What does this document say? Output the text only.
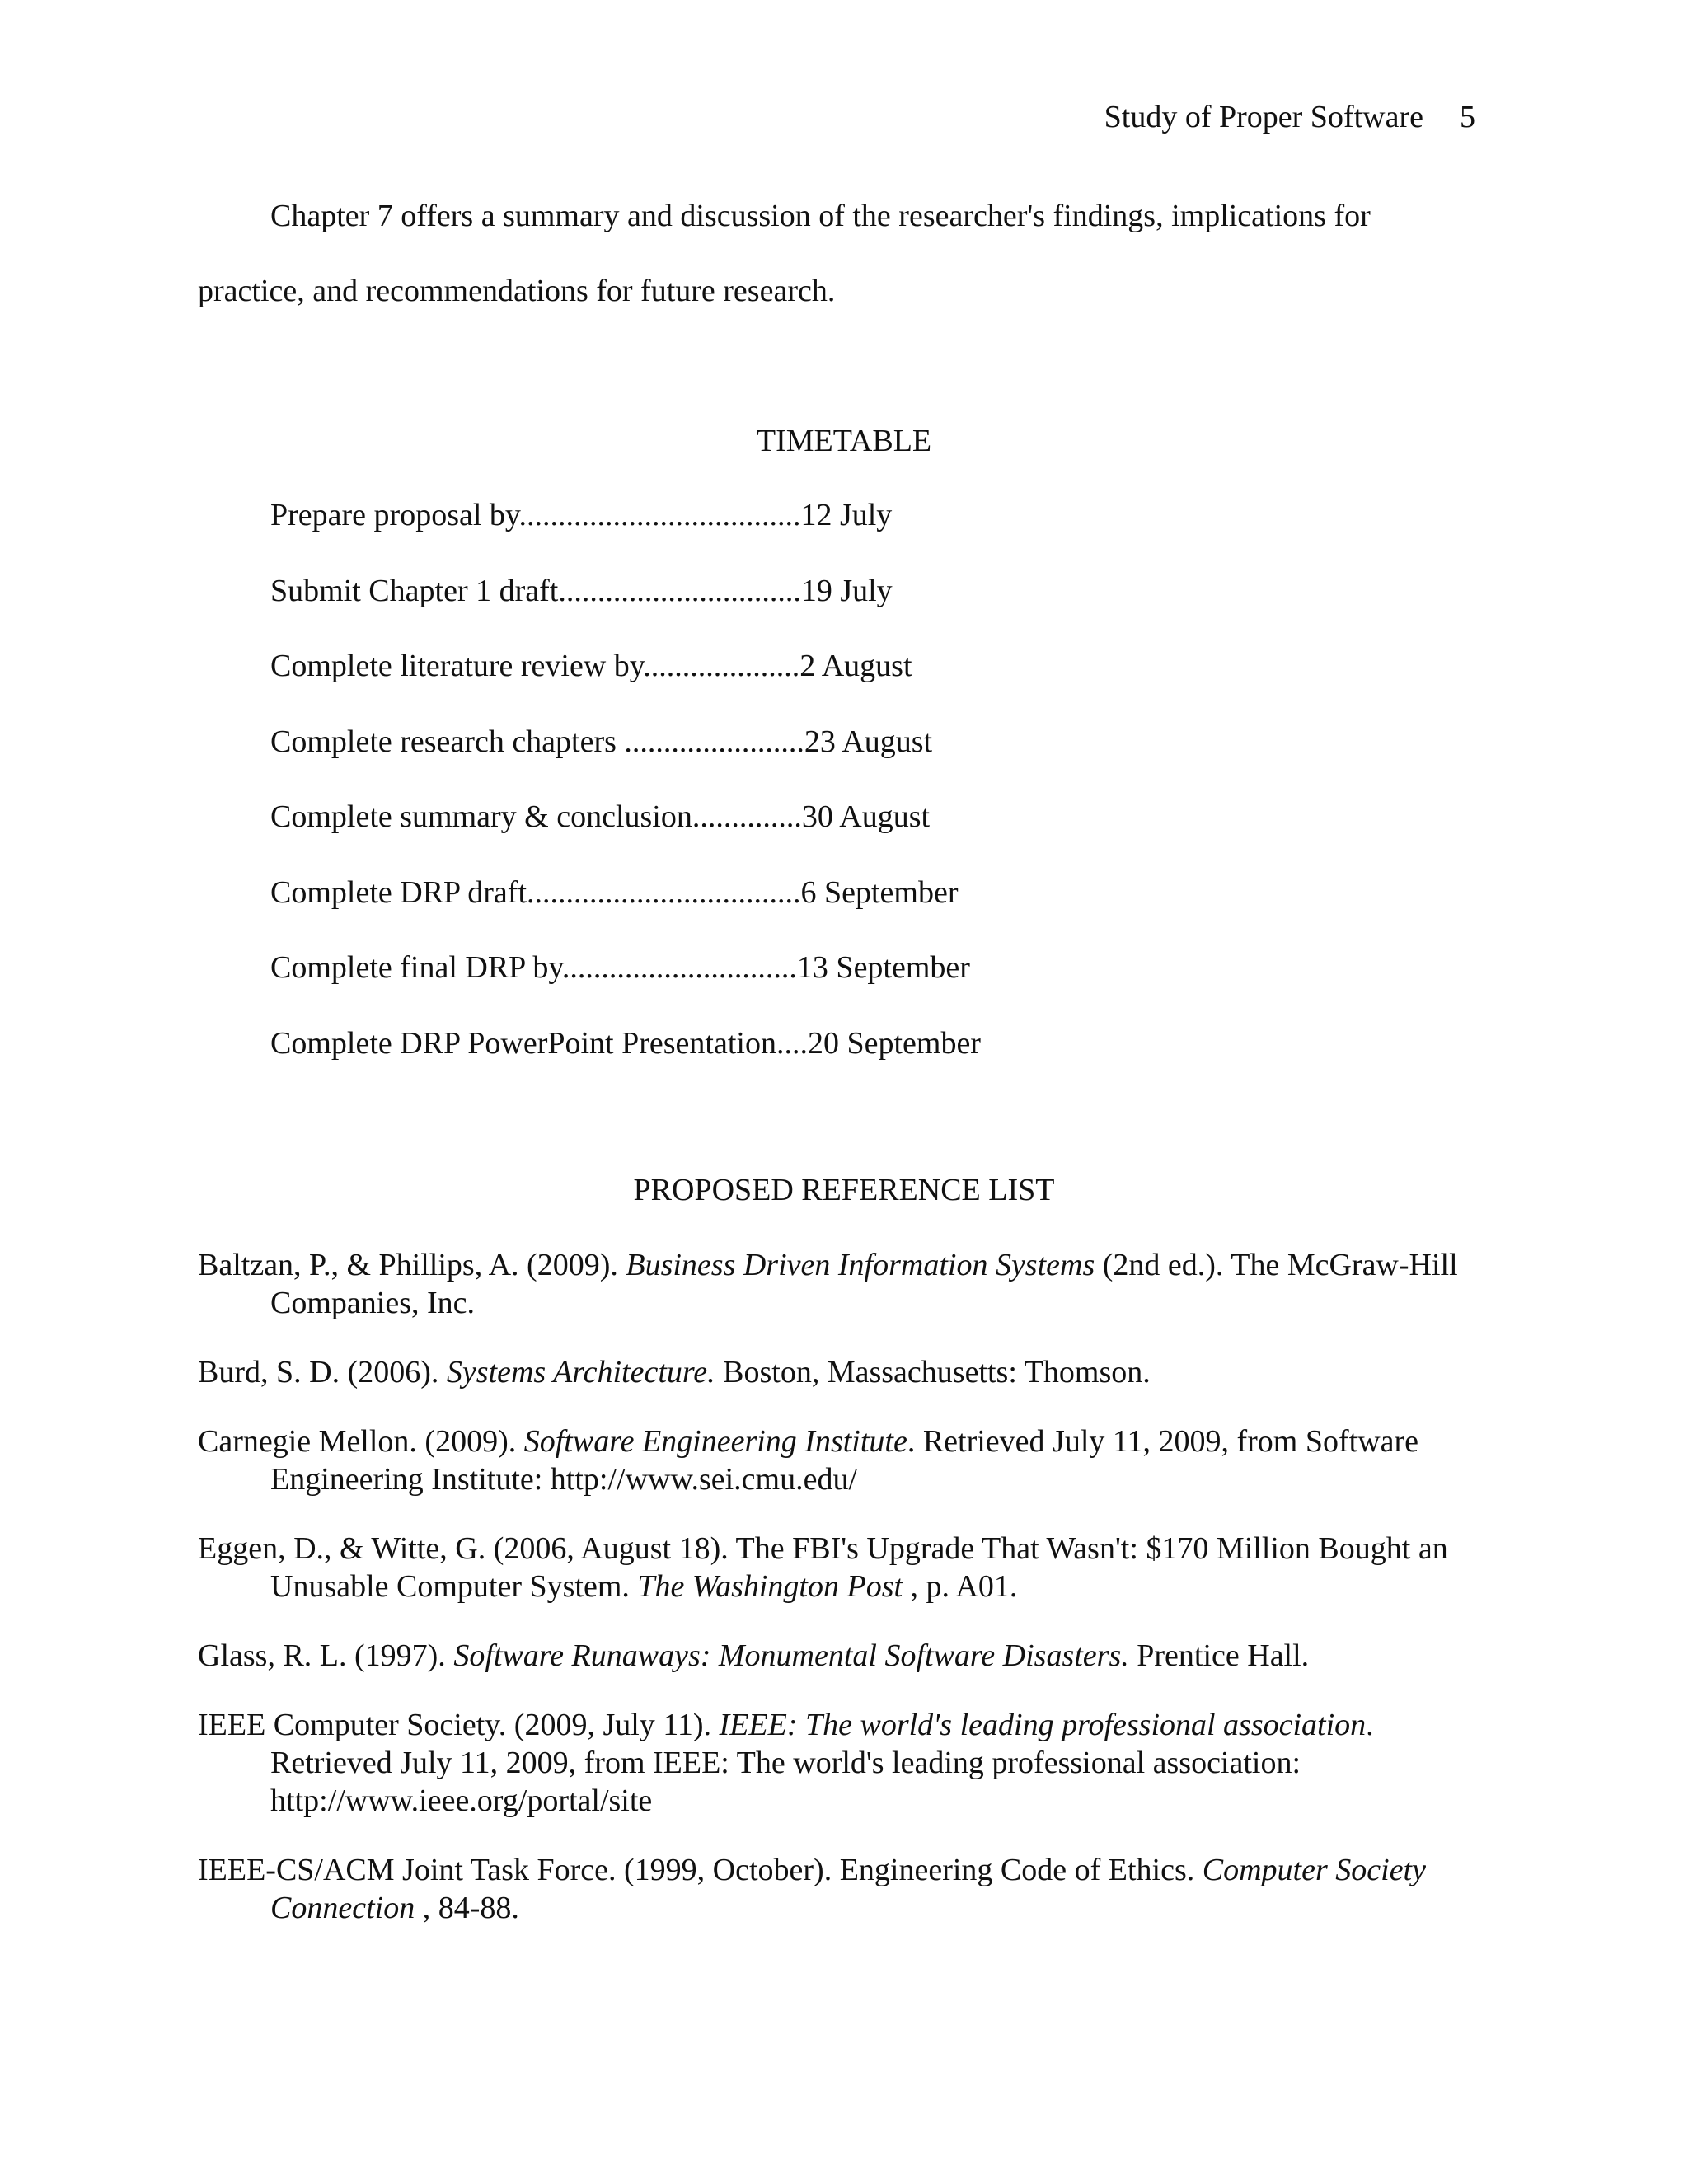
Study of Proper Software 5
Chapter 7 offers a summary and discussion of the researcher's findings, implications for
practice, and recommendations for future research.
TIMETABLE
Prepare proposal by....................................12 July
Submit Chapter 1 draft...............................19 July
Complete literature review by....................2 August
Complete research chapters .......................23 August
Complete summary & conclusion..............30 August
Complete DRP draft...................................6 September
Complete final DRP by..............................13 September
Complete DRP PowerPoint Presentation....20 September
PROPOSED REFERENCE LIST

Baltzan, P., & Phillips, A. (2009). Business Driven Information Systems (2nd ed.). The McGraw-Hill Companies, Inc.

Burd, S. D. (2006). Systems Architecture. Boston, Massachusetts: Thomson.

Carnegie Mellon. (2009). Software Engineering Institute. Retrieved July 11, 2009, from Software Engineering Institute: http://www.sei.cmu.edu/

Eggen, D., & Witte, G. (2006, August 18). The FBI's Upgrade That Wasn't: $170 Million Bought an Unusable Computer System. The Washington Post , p. A01.

Glass, R. L. (1997). Software Runaways: Monumental Software Disasters. Prentice Hall.

IEEE Computer Society. (2009, July 11). IEEE: The world's leading professional association. Retrieved July 11, 2009, from IEEE: The world's leading professional association: http://www.ieee.org/portal/site

IEEE-CS/ACM Joint Task Force. (1999, October). Engineering Code of Ethics. Computer Society Connection , 84-88.
